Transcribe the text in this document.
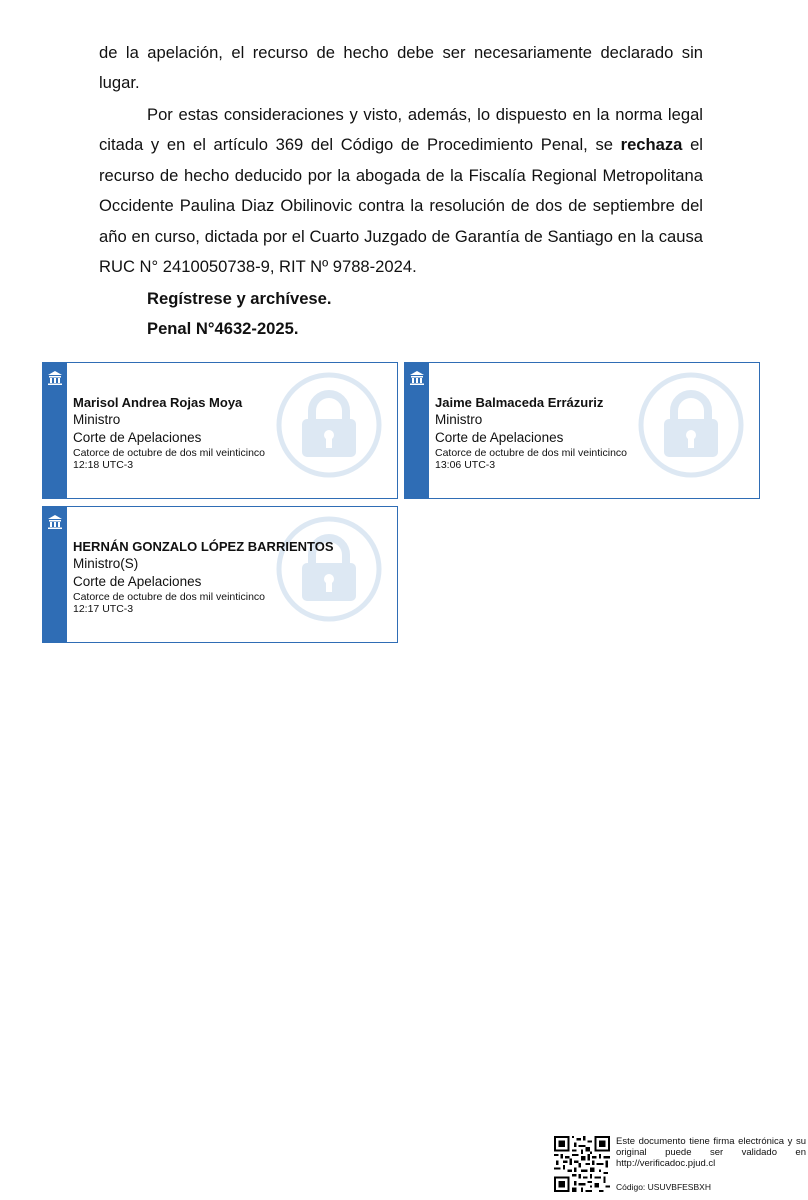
de la apelación, el recurso de hecho debe ser necesariamente declarado sin lugar.

Por estas consideraciones y visto, además, lo dispuesto en la norma legal citada y en el artículo 369 del Código de Procedimiento Penal, se rechaza el recurso de hecho deducido por la abogada de la Fiscalía Regional Metropolitana Occidente Paulina Diaz Obilinovic contra la resolución de dos de septiembre del año en curso, dictada por el Cuarto Juzgado de Garantía de Santiago en la causa RUC N° 2410050738-9, RIT Nº 9788-2024.

Regístrese y archívese.

Penal N°4632-2025.

Marisol Andrea Rojas Moya
Ministro
Corte de Apelaciones
Catorce de octubre de dos mil veinticinco
12:18 UTC-3
Jaime Balmaceda Errázuriz
Ministro
Corte de Apelaciones
Catorce de octubre de dos mil veinticinco
13:06 UTC-3
HERNÁN GONZALO LÓPEZ BARRIENTOS
Ministro(S)
Corte de Apelaciones
Catorce de octubre de dos mil veinticinco
12:17 UTC-3
Este documento tiene firma electrónica y su original puede ser validado en http://verificadoc.pjud.cl
Código: USUVBFESBXH
